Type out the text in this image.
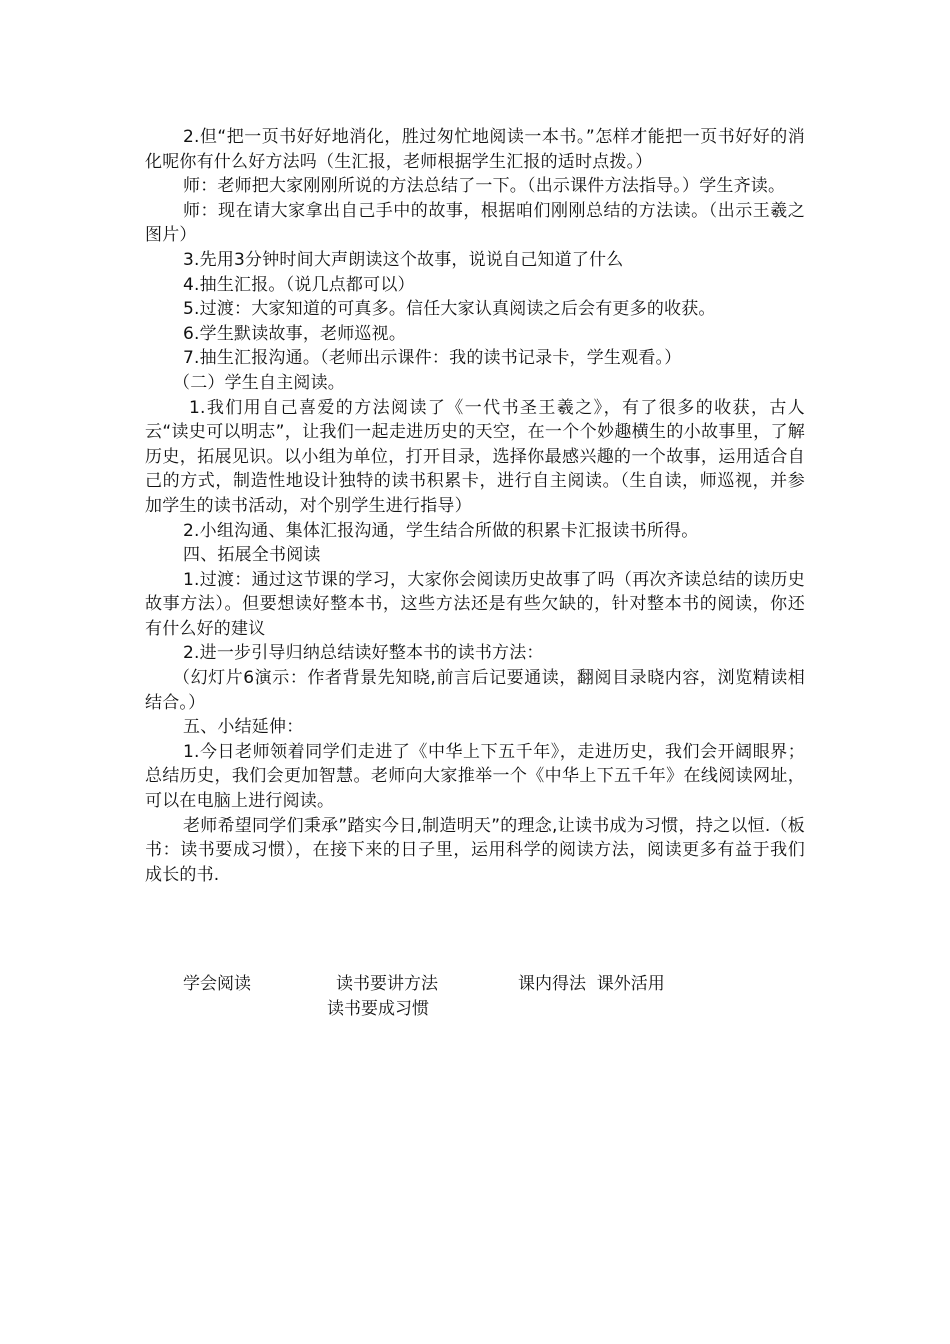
2.但“把一页书好好地消化，胜过匆忙地阅读一本书。”怎样才能把一页书好好的消化呢你有什么好方法吗（生汇报，老师根据学生汇报的适时点拨。）

师：老师把大家刚刚所说的方法总结了一下。（出示课件方法指导。）学生齐读。

师：现在请大家拿出自己手中的故事，根据咱们刚刚总结的方法读。（出示王羲之图片）

3.先用3分钟时间大声朗读这个故事，说说自己知道了什么

4.抽生汇报。（说几点都可以）

5.过渡：大家知道的可真多。信任大家认真阅读之后会有更多的收获。

6.学生默读故事，老师巡视。

7.抽生汇报沟通。（老师出示课件：我的读书记录卡，学生观看。）

（二）学生自主阅读。

1.我们用自己喜爱的方法阅读了《一代书圣王羲之》，有了很多的收获，古人云“读史可以明志”，让我们一起走进历史的天空，在一个个妙趣横生的小故事里，了解历史，拓展见识。以小组为单位，打开目录，选择你最感兴趣的一个故事，运用适合自己的方式，制造性地设计独特的读书积累卡，进行自主阅读。（生自读，师巡视，并参加学生的读书活动，对个别学生进行指导）

2.小组沟通、集体汇报沟通，学生结合所做的积累卡汇报读书所得。

四、拓展全书阅读

1.过渡：通过这节课的学习，大家你会阅读历史故事了吗（再次齐读总结的读历史故事方法）。但要想读好整本书，这些方法还是有些欠缺的，针对整本书的阅读，你还有什么好的建议

2.进一步引导归纳总结读好整本书的读书方法：

（幻灯片6演示：作者背景先知晓,前言后记要通读，翻阅目录晓内容，浏览精读相结合。）

五、小结延伸：

1.今日老师领着同学们走进了《中华上下五千年》，走进历史，我们会开阔眼界；总结历史，我们会更加智慧。老师向大家推举一个《中华上下五千年》在线阅读网址，可以在电脑上进行阅读。

老师希望同学们秉承”踏实今日,制造明天”的理念,让读书成为习惯，持之以恒.（板书：读书要成习惯），在接下来的日子里，运用科学的阅读方法，阅读更多有益于我们成长的书.

学会阅读	读书要讲方法	课内得法  课外活用
读书要成习惯
